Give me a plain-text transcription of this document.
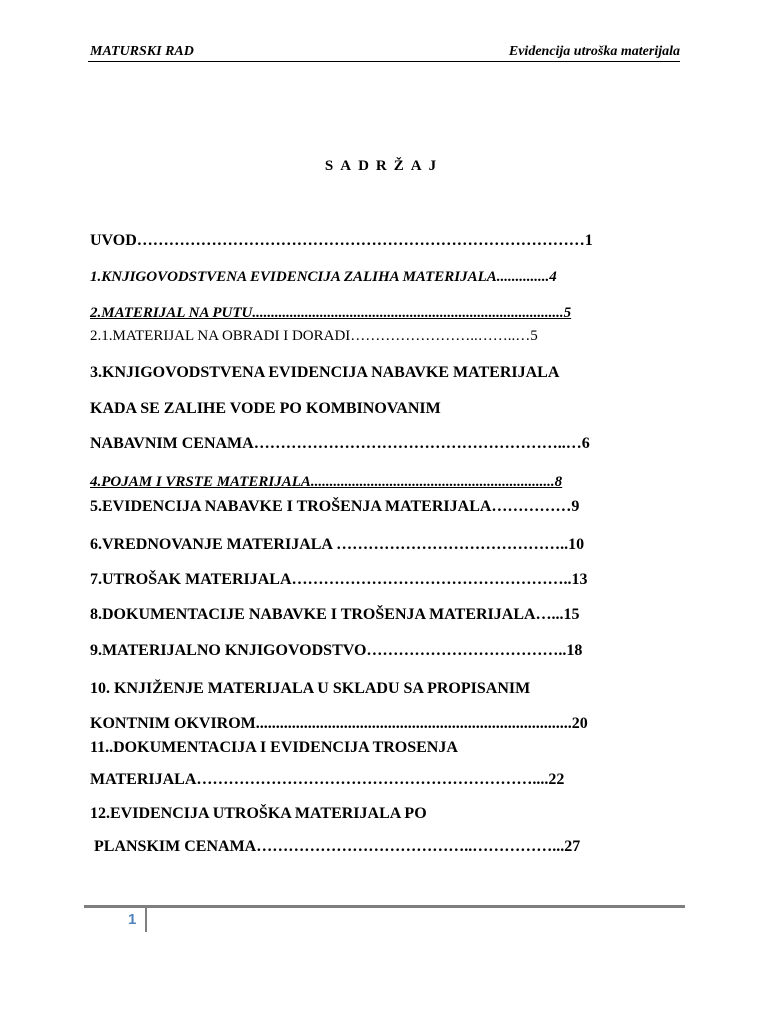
MATURSKI RAD	Evidencija utroška materijala
SADRŽAJ
UVOD…………………………………………………………………………1
1.KNJIGOVODSTVENA EVIDENCIJA ZALIHA MATERIJALA..............4
2.MATERIJAL NA PUTU...................................................................................5
2.1.MATERIJAL NA OBRADI I DORADI……………………..……..…5
3.KNJIGOVODSTVENA EVIDENCIJA NABAVKE MATERIJALA
KADA SE ZALIHE VODE PO KOMBINOVANIM
NABAVNIM CENAMA…………………………………………………..…6
4.POJAM I VRSTE MATERIJALA.................................................................8
5.EVIDENCIJA NABAVKE I TROŠENJA MATERIJALA……………9
6.VREDNOVANJE MATERIJALA ……………………………………..10
7.UTROŠAK MATERIJALA……………………………………………..13
8.DOKUMENTACIJE NABAVKE I TROŠENJA MATERIJALA…...15
9.MATERIJALNO KNJIGOVODSTVO………………………………..18
10. KNJIŽENJE MATERIJALA U SKLADU SA PROPISANIM
KONTNIM OKVIROM...............................................................................20
11..DOKUMENTACIJA I EVIDENCIJA TROSENJA
MATERIJALA………………………………………………………....22
12.EVIDENCIJA UTROŠKA MATERIJALA PO
PLANSKIM CENAMA…………………………………..……………...27
1
